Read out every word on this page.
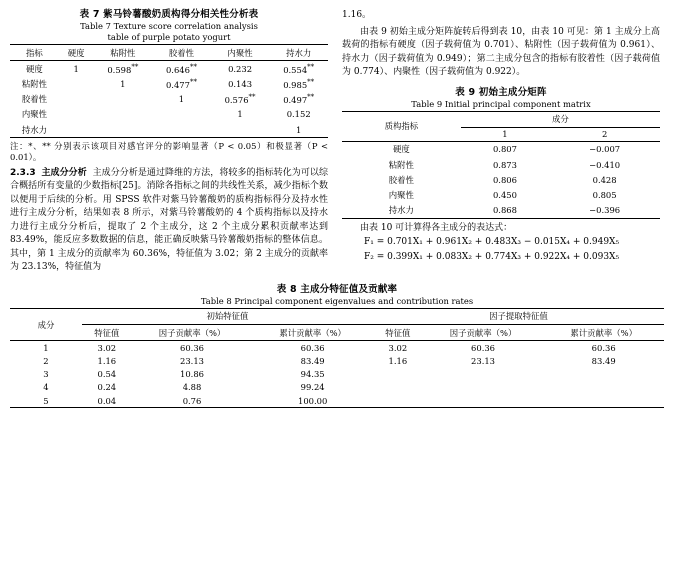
表 7 紫马铃薯酸奶质构得分相关性分析表
Table 7 Texture score correlation analysis
table of purple potato yogurt
指标	硬度	粘附性	胶着性	内聚性	持水力
硬度	1	0.598**	0.646**	0.232	0.554**
粘附性		1	0.477**	0.143	0.985**
胶着性			1	0.576**	0.497**
内聚性				1	0.152
持水力					1
注：*、** 分别表示该项目对感官评分的影响显著（P < 0.05）和极显著（P < 0.01）。

2.3.3 主成分分析 主成分分析是通过降维的方法，将较多的指标转化为可以综合概括所有变量的少数指标[25]。消除各指标之间的共线性关系，减少指标个数以便用于后续的分析。用 SPSS 软件对紫马铃薯酸奶的质构指标得分及持水性进行主成分分析，结果如表 8 所示，对紫马铃薯酸奶的 4 个质构指标以及持水力进行主成分分析后，提取了 2 个主成分，这 2 个主成分累积贡献率达到 83.49%，能反应多数数据的信息，能正确反映紫马铃薯酸奶指标的整体信息。其中，第 1 主成分的贡献率为 60.36%，特征值为 3.02；第 2 主成分的贡献率为 23.13%，特征值为

1.16。

由表 9 初始主成分矩阵旋转后得到表 10，由表 10 可见：第 1 主成分上高载荷的指标有硬度（因子载荷值为 0.701）、粘附性（因子载荷值为 0.961）、持水力（因子载荷值为 0.949）；第二主成分包含的指标有胶着性（因子载荷值为 0.774）、内聚性（因子载荷值为 0.922）。

表 9 初始主成分矩阵
Table 9 Initial principal component matrix
质构指标	成分	
	1	2
硬度	0.807	−0.007
粘附性	0.873	−0.410
胶着性	0.806	0.428
内聚性	0.450	0.805
持水力	0.868	−0.396

由表 10 可计算得各主成分的表达式：

F₁ = 0.701X₁ + 0.961X₂ + 0.483X₃ − 0.015X₄ + 0.949X₅

F₂ = 0.399X₁ + 0.083X₂ + 0.774X₃ + 0.922X₄ + 0.093X₅

表 8 主成分特征值及贡献率
Table 8 Principal component eigenvalues and contribution rates
成分	初始特征值			因子提取特征值		
	特征值	因子贡献率（%）	累计贡献率（%）	特征值	因子贡献率（%）	累计贡献率（%）
1	3.02	60.36	60.36	3.02	60.36	60.36
2	1.16	23.13	83.49	1.16	23.13	83.49
3	0.54	10.86	94.35			
4	0.24	4.88	99.24			
5	0.04	0.76	100.00			
